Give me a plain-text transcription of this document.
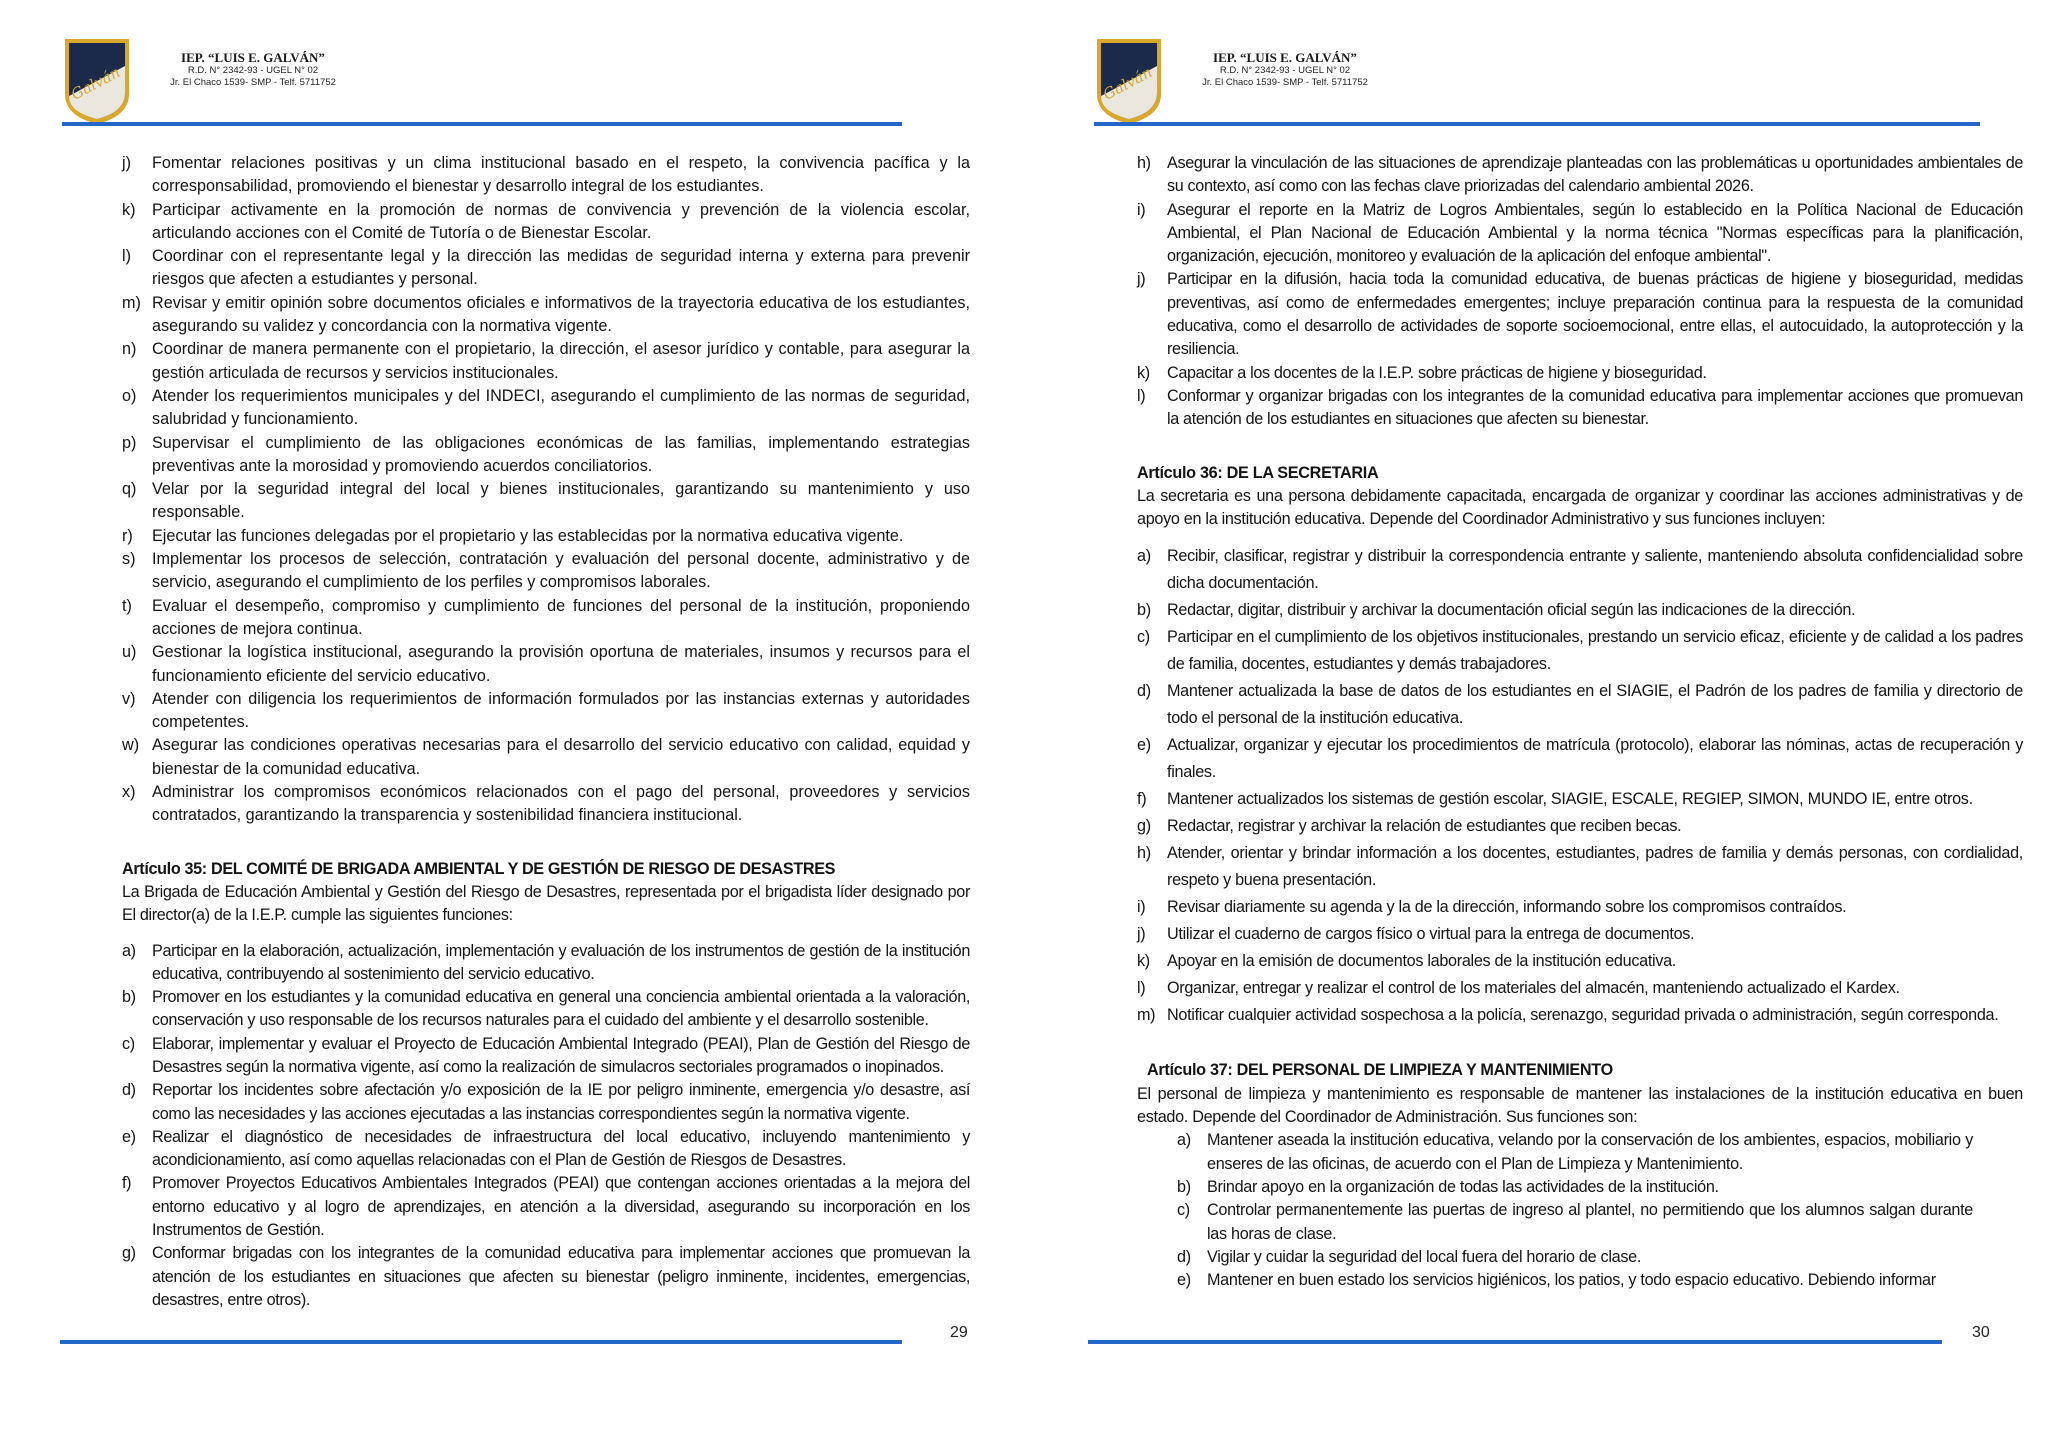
Galván
IEP. “LUIS E. GALVÁN”
R.D. N° 2342-93 - UGEL N° 02
Jr. El Chaco 1539- SMP - Telf. 5711752
j) Fomentar relaciones positivas y un clima institucional basado en el respeto, la convivencia pacífica y la corresponsabilidad, promoviendo el bienestar y desarrollo integral de los estudiantes.
k) Participar activamente en la promoción de normas de convivencia y prevención de la violencia escolar, articulando acciones con el Comité de Tutoría o de Bienestar Escolar.
l) Coordinar con el representante legal y la dirección las medidas de seguridad interna y externa para prevenir riesgos que afecten a estudiantes y personal.
m) Revisar y emitir opinión sobre documentos oficiales e informativos de la trayectoria educativa de los estudiantes, asegurando su validez y concordancia con la normativa vigente.
n) Coordinar de manera permanente con el propietario, la dirección, el asesor jurídico y contable, para asegurar la gestión articulada de recursos y servicios institucionales.
o) Atender los requerimientos municipales y del INDECI, asegurando el cumplimiento de las normas de seguridad, salubridad y funcionamiento.
p) Supervisar el cumplimiento de las obligaciones económicas de las familias, implementando estrategias preventivas ante la morosidad y promoviendo acuerdos conciliatorios.
q) Velar por la seguridad integral del local y bienes institucionales, garantizando su mantenimiento y uso responsable.
r) Ejecutar las funciones delegadas por el propietario y las establecidas por la normativa educativa vigente.
s) Implementar los procesos de selección, contratación y evaluación del personal docente, administrativo y de servicio, asegurando el cumplimiento de los perfiles y compromisos laborales.
t) Evaluar el desempeño, compromiso y cumplimiento de funciones del personal de la institución, proponiendo acciones de mejora continua.
u) Gestionar la logística institucional, asegurando la provisión oportuna de materiales, insumos y recursos para el funcionamiento eficiente del servicio educativo.
v) Atender con diligencia los requerimientos de información formulados por las instancias externas y autoridades competentes.
w) Asegurar las condiciones operativas necesarias para el desarrollo del servicio educativo con calidad, equidad y bienestar de la comunidad educativa.
x) Administrar los compromisos económicos relacionados con el pago del personal, proveedores y servicios contratados, garantizando la transparencia y sostenibilidad financiera institucional.
Artículo 35: DEL COMITÉ DE BRIGADA AMBIENTAL Y DE GESTIÓN DE RIESGO DE DESASTRES
La Brigada de Educación Ambiental y Gestión del Riesgo de Desastres, representada por el brigadista líder designado por El director(a) de la I.E.P. cumple las siguientes funciones:
a) Participar en la elaboración, actualización, implementación y evaluación de los instrumentos de gestión de la institución educativa, contribuyendo al sostenimiento del servicio educativo.
b) Promover en los estudiantes y la comunidad educativa en general una conciencia ambiental orientada a la valoración, conservación y uso responsable de los recursos naturales para el cuidado del ambiente y el desarrollo sostenible.
c) Elaborar, implementar y evaluar el Proyecto de Educación Ambiental Integrado (PEAI), Plan de Gestión del Riesgo de Desastres según la normativa vigente, así como la realización de simulacros sectoriales programados o inopinados.
d) Reportar los incidentes sobre afectación y/o exposición de la IE por peligro inminente, emergencia y/o desastre, así como las necesidades y las acciones ejecutadas a las instancias correspondientes según la normativa vigente.
e) Realizar el diagnóstico de necesidades de infraestructura del local educativo, incluyendo mantenimiento y acondicionamiento, así como aquellas relacionadas con el Plan de Gestión de Riesgos de Desastres.
f) Promover Proyectos Educativos Ambientales Integrados (PEAI) que contengan acciones orientadas a la mejora del entorno educativo y al logro de aprendizajes, en atención a la diversidad, asegurando su incorporación en los Instrumentos de Gestión.
g) Conformar brigadas con los integrantes de la comunidad educativa para implementar acciones que promuevan la atención de los estudiantes en situaciones que afecten su bienestar (peligro inminente, incidentes, emergencias, desastres, entre otros).
29
Galván
IEP. “LUIS E. GALVÁN”
R.D. N° 2342-93 - UGEL N° 02
Jr. El Chaco 1539- SMP - Telf. 5711752
h) Asegurar la vinculación de las situaciones de aprendizaje planteadas con las problemáticas u oportunidades ambientales de su contexto, así como con las fechas clave priorizadas del calendario ambiental 2026.
i) Asegurar el reporte en la Matriz de Logros Ambientales, según lo establecido en la Política Nacional de Educación Ambiental, el Plan Nacional de Educación Ambiental y la norma técnica "Normas específicas para la planificación, organización, ejecución, monitoreo y evaluación de la aplicación del enfoque ambiental".
j) Participar en la difusión, hacia toda la comunidad educativa, de buenas prácticas de higiene y bioseguridad, medidas preventivas, así como de enfermedades emergentes; incluye preparación continua para la respuesta de la comunidad educativa, como el desarrollo de actividades de soporte socioemocional, entre ellas, el autocuidado, la autoprotección y la resiliencia.
k) Capacitar a los docentes de la I.E.P. sobre prácticas de higiene y bioseguridad.
l) Conformar y organizar brigadas con los integrantes de la comunidad educativa para implementar acciones que promuevan la atención de los estudiantes en situaciones que afecten su bienestar.
Artículo 36: DE LA SECRETARIA
La secretaria es una persona debidamente capacitada, encargada de organizar y coordinar las acciones administrativas y de apoyo en la institución educativa. Depende del Coordinador Administrativo y sus funciones incluyen:
a) Recibir, clasificar, registrar y distribuir la correspondencia entrante y saliente, manteniendo absoluta confidencialidad sobre dicha documentación.
b) Redactar, digitar, distribuir y archivar la documentación oficial según las indicaciones de la dirección.
c) Participar en el cumplimiento de los objetivos institucionales, prestando un servicio eficaz, eficiente y de calidad a los padres de familia, docentes, estudiantes y demás trabajadores.
d) Mantener actualizada la base de datos de los estudiantes en el SIAGIE, el Padrón de los padres de familia y directorio de todo el personal de la institución educativa.
e) Actualizar, organizar y ejecutar los procedimientos de matrícula (protocolo), elaborar las nóminas, actas de recuperación y finales.
f) Mantener actualizados los sistemas de gestión escolar, SIAGIE, ESCALE, REGIEP, SIMON, MUNDO IE, entre otros.
g) Redactar, registrar y archivar la relación de estudiantes que reciben becas.
h) Atender, orientar y brindar información a los docentes, estudiantes, padres de familia y demás personas, con cordialidad, respeto y buena presentación.
i) Revisar diariamente su agenda y la de la dirección, informando sobre los compromisos contraídos.
j) Utilizar el cuaderno de cargos físico o virtual para la entrega de documentos.
k) Apoyar en la emisión de documentos laborales de la institución educativa.
l) Organizar, entregar y realizar el control de los materiales del almacén, manteniendo actualizado el Kardex.
m) Notificar cualquier actividad sospechosa a la policía, serenazgo, seguridad privada o administración, según corresponda.
Artículo 37: DEL PERSONAL DE LIMPIEZA Y MANTENIMIENTO
El personal de limpieza y mantenimiento es responsable de mantener las instalaciones de la institución educativa en buen estado. Depende del Coordinador de Administración. Sus funciones son:
a) Mantener aseada la institución educativa, velando por la conservación de los ambientes, espacios, mobiliario y enseres de las oficinas, de acuerdo con el Plan de Limpieza y Mantenimiento.
b) Brindar apoyo en la organización de todas las actividades de la institución.
c) Controlar permanentemente las puertas de ingreso al plantel, no permitiendo que los alumnos salgan durante las horas de clase.
d) Vigilar y cuidar la seguridad del local fuera del horario de clase.
e) Mantener en buen estado los servicios higiénicos, los patios, y todo espacio educativo. Debiendo informar
30
